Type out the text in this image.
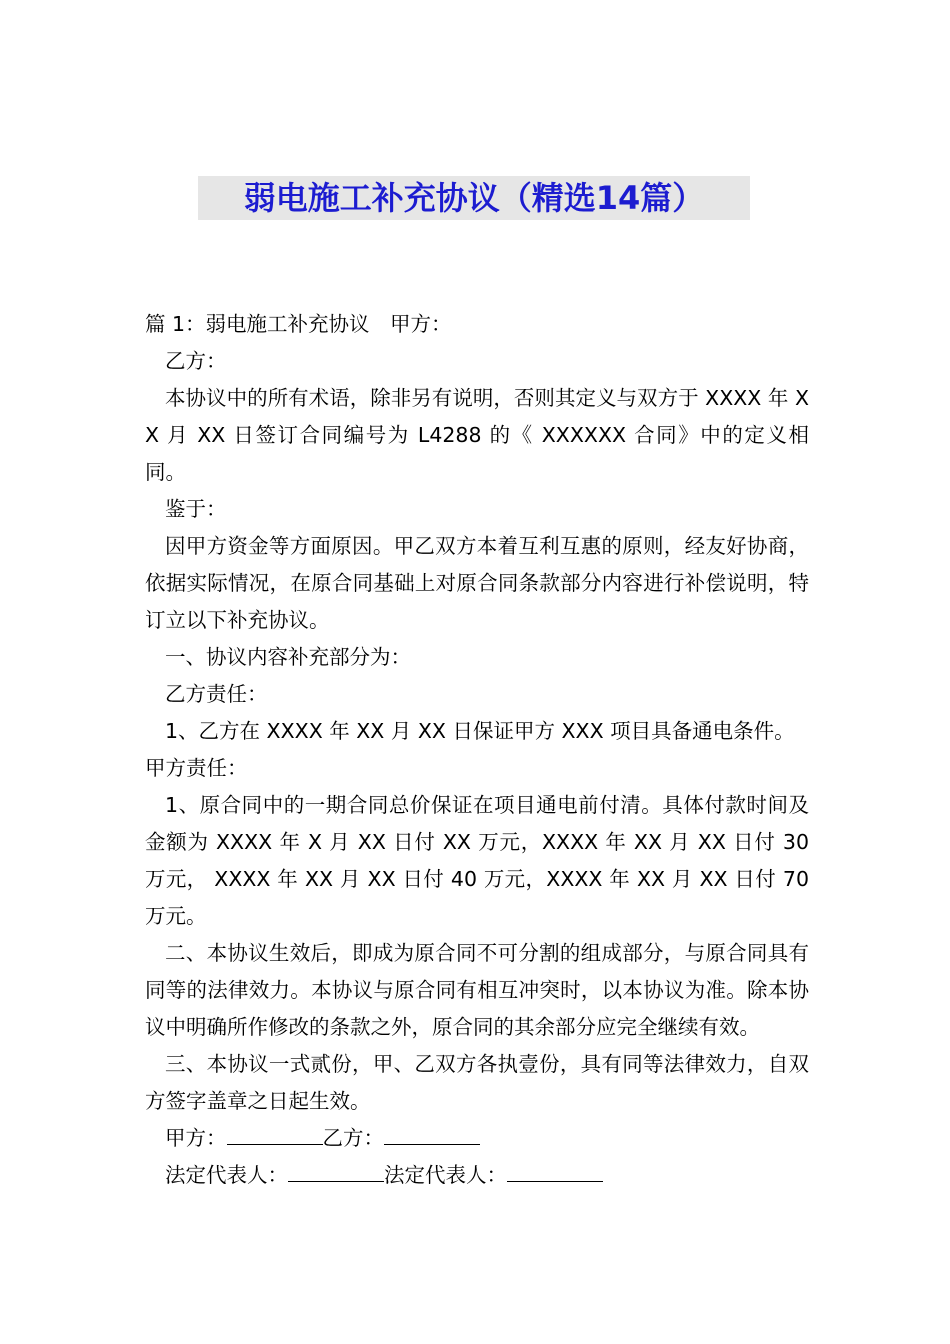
弱电施工补充协议（精选14篇）

篇 1：弱电施工补充协议　甲方：

乙方：

本协议中的所有术语，除非另有说明，否则其定义与双方于 XXXX 年 XX 月 XX 日签订合同编号为 L4288 的《 XXXXXX 合同》中的定义相同。

鉴于：

因甲方资金等方面原因。甲乙双方本着互利互惠的原则，经友好协商，依据实际情况，在原合同基础上对原合同条款部分内容进行补偿说明，特订立以下补充协议。

一、协议内容补充部分为：

乙方责任：

1、乙方在 XXXX 年 XX 月 XX 日保证甲方 XXX 项目具备通电条件。

甲方责任：

1、原合同中的一期合同总价保证在项目通电前付清。具体付款时间及金额为 XXXX 年 X 月 XX 日付 XX 万元，XXXX 年 XX 月 XX 日付 30 万元， XXXX 年 XX 月 XX 日付 40 万元，XXXX 年 XX 月 XX 日付 70 万元。

二、本协议生效后，即成为原合同不可分割的组成部分，与原合同具有同等的法律效力。本协议与原合同有相互冲突时，以本协议为准。除本协议中明确所作修改的条款之外，原合同的其余部分应完全继续有效。

三、本协议一式贰份，甲、乙双方各执壹份，具有同等法律效力，自双方签字盖章之日起生效。

甲方：	乙方：

法定代表人：	法定代表人：
